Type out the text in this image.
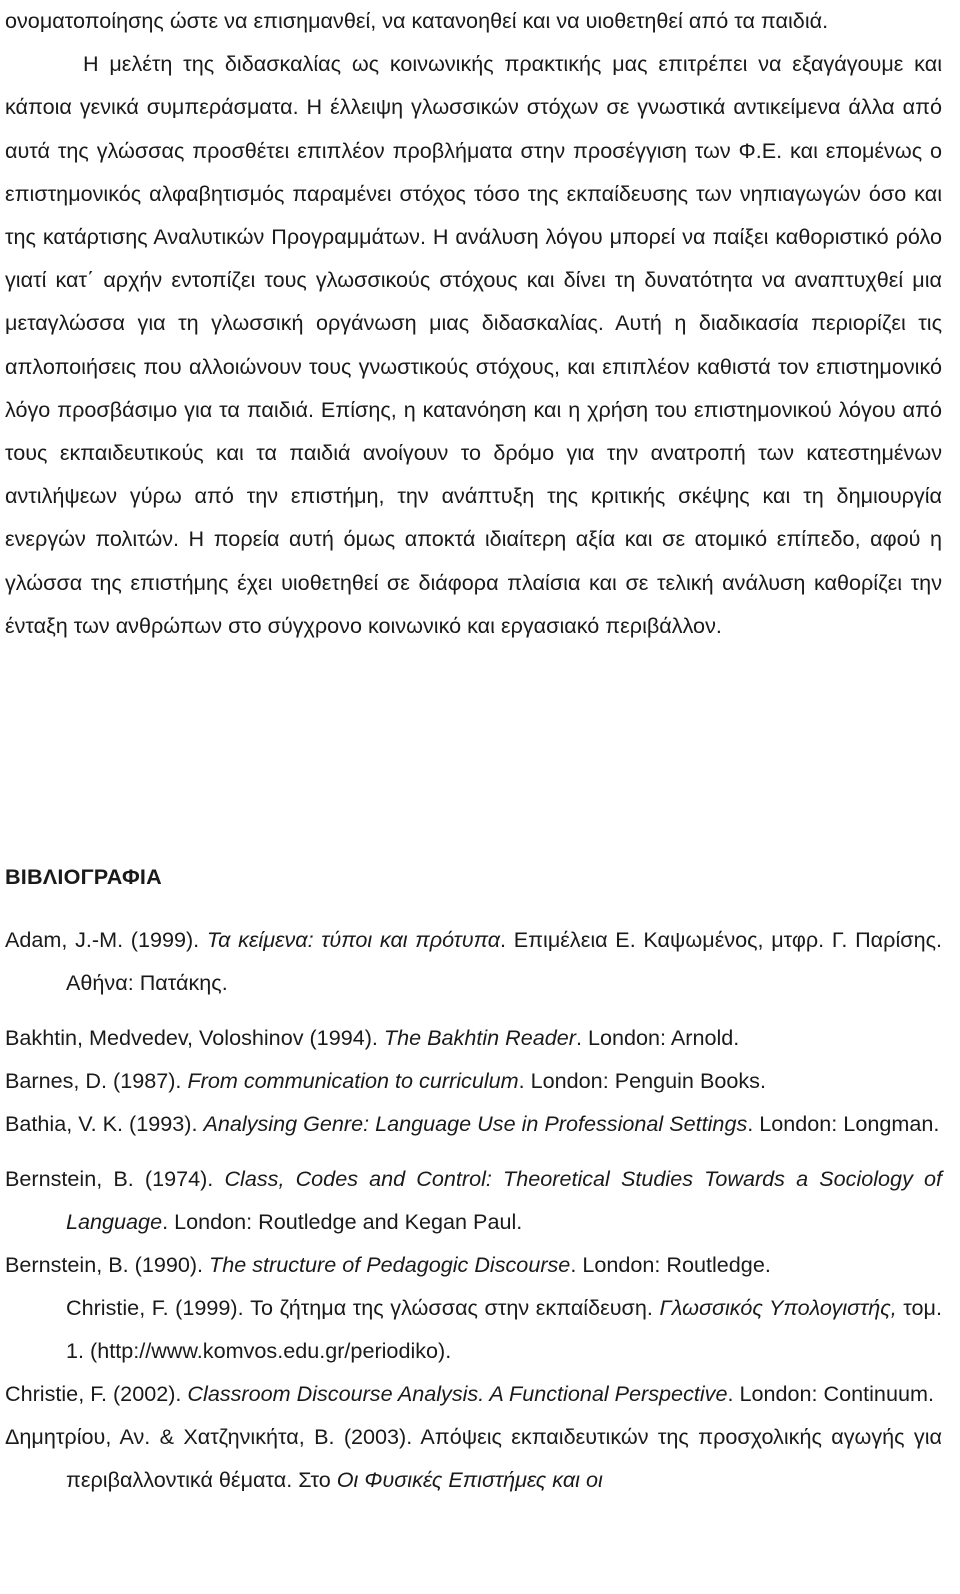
ονοματοποίησης ώστε να επισημανθεί, να κατανοηθεί και να υιοθετηθεί από τα παιδιά.

Η μελέτη της διδασκαλίας ως κοινωνικής πρακτικής μας επιτρέπει να εξαγάγουμε και κάποια γενικά συμπεράσματα. Η έλλειψη γλωσσικών στόχων σε γνωστικά αντικείμενα άλλα από αυτά της γλώσσας προσθέτει επιπλέον προβλήματα στην προσέγγιση των Φ.Ε. και επομένως ο επιστημονικός αλφαβητισμός παραμένει στόχος τόσο της εκπαίδευσης των νηπιαγωγών όσο και της κατάρτισης Αναλυτικών Προγραμμάτων. Η ανάλυση λόγου μπορεί να παίξει καθοριστικό ρόλο γιατί κατ΄ αρχήν εντοπίζει τους γλωσσικούς στόχους και δίνει τη δυνατότητα να αναπτυχθεί μια μεταγλώσσα για τη γλωσσική οργάνωση μιας διδασκαλίας. Αυτή η διαδικασία περιορίζει τις απλοποιήσεις που αλλοιώνουν τους γνωστικούς στόχους, και επιπλέον καθιστά τον επιστημονικό λόγο προσβάσιμο για τα παιδιά. Επίσης, η κατανόηση και η χρήση του επιστημονικού λόγου από τους εκπαιδευτικούς και τα παιδιά ανοίγουν το δρόμο για την ανατροπή των κατεστημένων αντιλήψεων γύρω από την επιστήμη, την ανάπτυξη της κριτικής σκέψης και τη δημιουργία ενεργών πολιτών. Η πορεία αυτή όμως αποκτά ιδιαίτερη αξία και σε ατομικό επίπεδο, αφού η γλώσσα της επιστήμης έχει υιοθετηθεί σε διάφορα πλαίσια και σε τελική ανάλυση καθορίζει την ένταξη των ανθρώπων στο σύγχρονο κοινωνικό και εργασιακό περιβάλλον.

ΒΙΒΛΙΟΓΡΑΦΙΑ

Adam, J.-M. (1999). Τα κείμενα: τύποι και πρότυπα. Επιμέλεια Ε. Καψωμένος, μτφρ. Γ. Παρίσης. Αθήνα: Πατάκης.

Bakhtin, Medvedev, Voloshinov (1994). The Bakhtin Reader. London: Arnold.

Barnes, D. (1987). From communication to curriculum. London: Penguin Books.

Bathia, V. K. (1993). Analysing Genre: Language Use in Professional Settings. London: Longman.

Bernstein, B. (1974). Class, Codes and Control: Theoretical Studies Towards a Sociology of Language. London: Routledge and Kegan Paul.

Bernstein, B. (1990). The structure of Pedagogic Discourse. London: Routledge.

Christie, F. (1999). Το ζήτημα της γλώσσας στην εκπαίδευση. Γλωσσικός Υπολογιστής, τομ. 1. (http://www.komvos.edu.gr/periodiko).

Christie, F. (2002). Classroom Discourse Analysis. A Functional Perspective. London: Continuum.

Δημητρίου, Αν. & Χατζηνικήτα, Β. (2003). Απόψεις εκπαιδευτικών της προσχολικής αγωγής για περιβαλλοντικά θέματα. Στο Οι Φυσικές Επιστήμες και οι
